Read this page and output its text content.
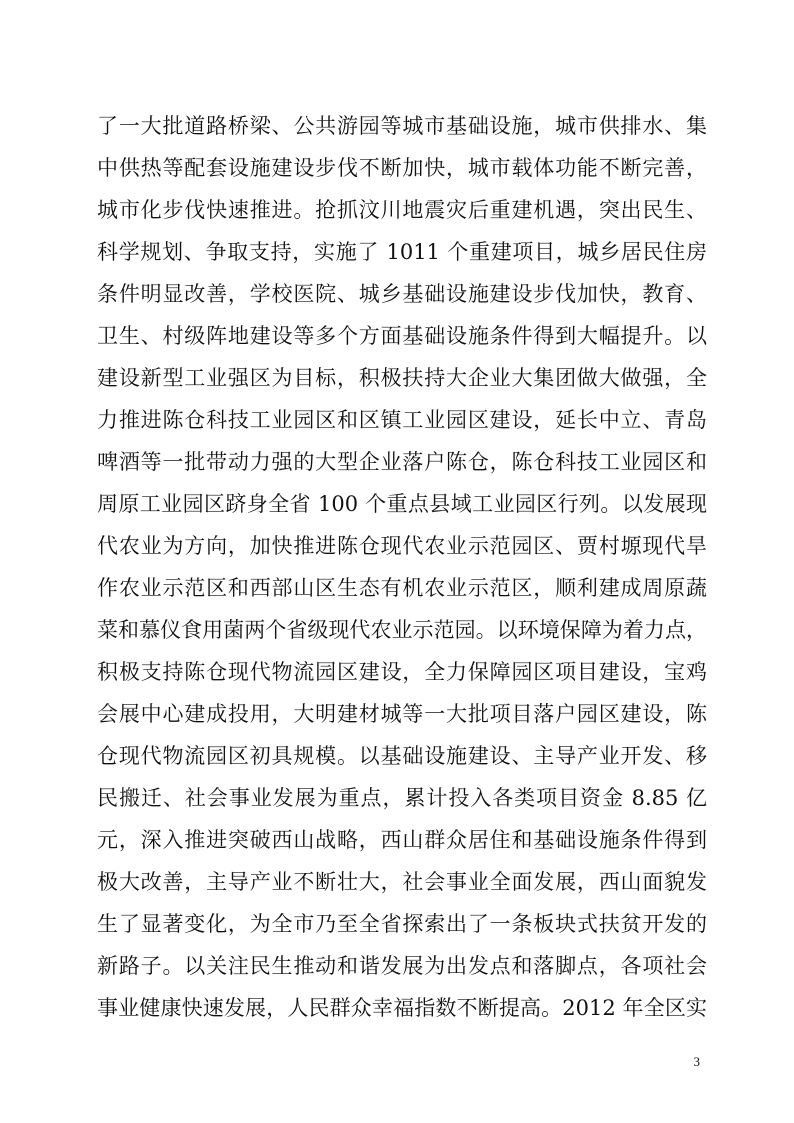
了一大批道路桥梁、公共游园等城市基础设施，城市供排水、集
中供热等配套设施建设步伐不断加快，城市载体功能不断完善，
城市化步伐快速推进。抢抓汶川地震灾后重建机遇，突出民生、
科学规划、争取支持，实施了 1011 个重建项目，城乡居民住房
条件明显改善，学校医院、城乡基础设施建设步伐加快，教育、
卫生、村级阵地建设等多个方面基础设施条件得到大幅提升。以
建设新型工业强区为目标，积极扶持大企业大集团做大做强，全
力推进陈仓科技工业园区和区镇工业园区建设，延长中立、青岛
啤酒等一批带动力强的大型企业落户陈仓，陈仓科技工业园区和
周原工业园区跻身全省 100 个重点县域工业园区行列。以发展现
代农业为方向，加快推进陈仓现代农业示范园区、贾村塬现代旱
作农业示范区和西部山区生态有机农业示范区，顺利建成周原蔬
菜和慕仪食用菌两个省级现代农业示范园。以环境保障为着力点，
积极支持陈仓现代物流园区建设，全力保障园区项目建设，宝鸡
会展中心建成投用，大明建材城等一大批项目落户园区建设，陈
仓现代物流园区初具规模。以基础设施建设、主导产业开发、移
民搬迁、社会事业发展为重点，累计投入各类项目资金 8.85 亿
元，深入推进突破西山战略，西山群众居住和基础设施条件得到
极大改善，主导产业不断壮大，社会事业全面发展，西山面貌发
生了显著变化，为全市乃至全省探索出了一条板块式扶贫开发的
新路子。以关注民生推动和谐发展为出发点和落脚点，各项社会
事业健康快速发展，人民群众幸福指数不断提高。2012 年全区实
3
